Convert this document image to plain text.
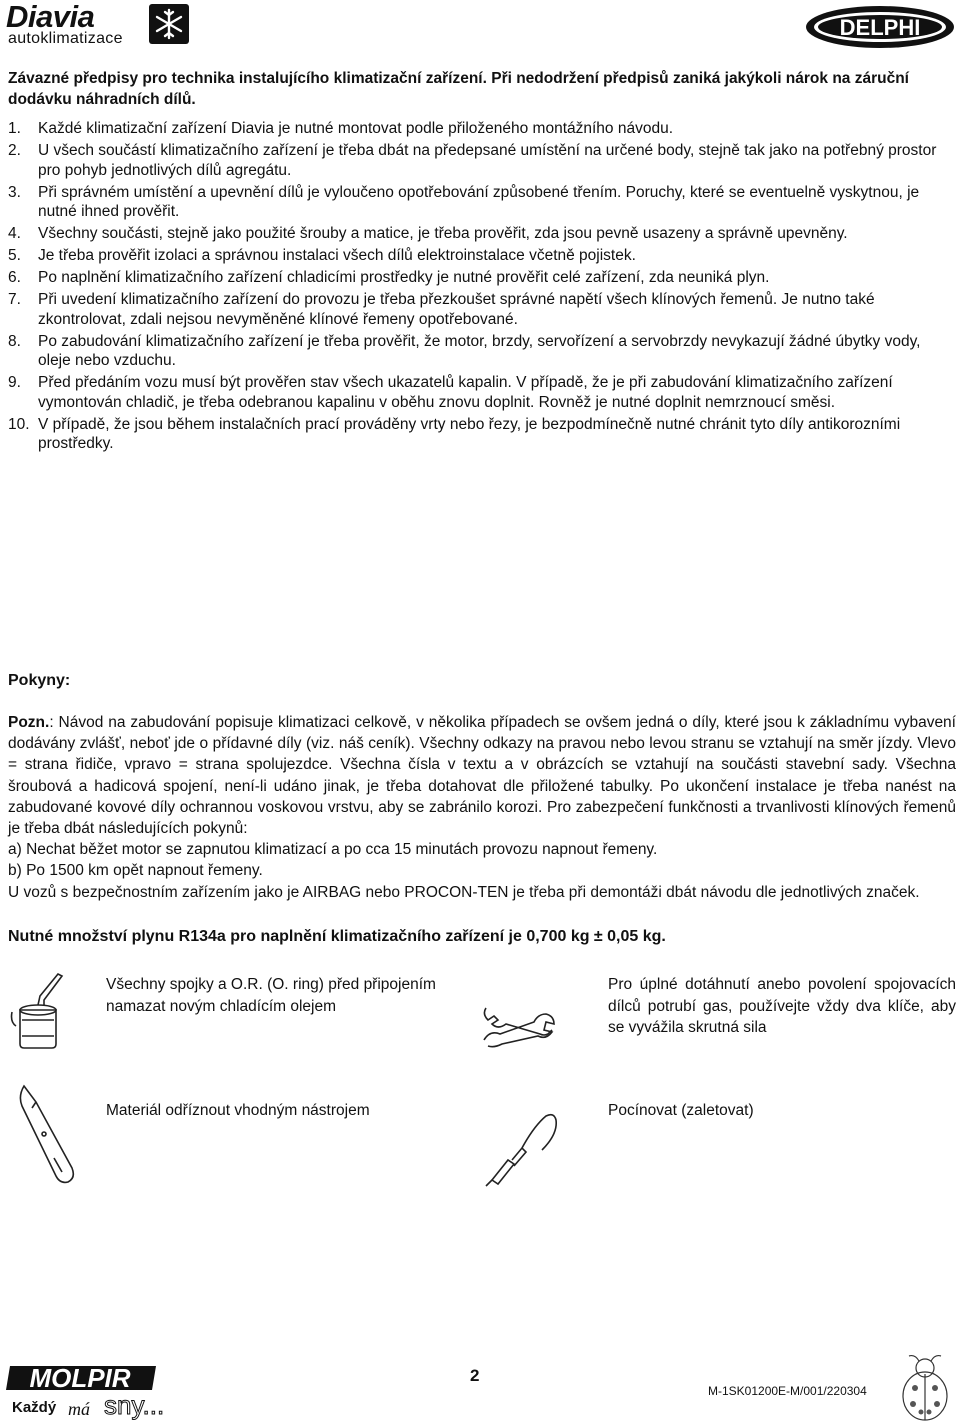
Diavia
autoklimatizace	DELPHI
Závazné předpisy pro technika instalujícího klimatizační zařízení. Při nedodržení předpisů zaniká jakýkoli nárok na záruční dodávku náhradních dílů.
1.	Každé klimatizační zařízení Diavia je nutné montovat podle přiloženého montážního návodu.
2.	U všech součástí klimatizačního zařízení je třeba dbát na předepsané umístění na určené body, stejně tak jako na potřebný prostor pro pohyb jednotlivých dílů agregátu.
3.	Při správném umístění a upevnění dílů je vyloučeno opotřebování způsobené třením. Poruchy, které se eventuelně vyskytnou, je nutné ihned prověřit.
4.	Všechny součásti, stejně jako použité šrouby a matice, je třeba prověřit, zda jsou pevně usazeny a správně upevněny.
5.	Je třeba prověřit izolaci a správnou instalaci všech dílů elektroinstalace včetně pojistek.
6.	Po naplnění klimatizačního zařízení chladicími prostředky je nutné prověřit celé zařízení, zda neuniká plyn.
7.	Při uvedení klimatizačního zařízení do provozu je třeba přezkoušet správné napětí všech klínových řemenů. Je nutno také zkontrolovat, zdali nejsou nevyměněné klínové řemeny opotřebované.
8.	Po zabudování klimatizačního zařízení je třeba prověřit, že motor, brzdy, servořízení a servobrzdy nevykazují žádné úbytky vody, oleje nebo vzduchu.
9.	Před předáním vozu musí být prověřen stav všech ukazatelů kapalin. V případě, že je při zabudování klimatizačního zařízení vymontován chladič, je třeba odebranou kapalinu v oběhu znovu doplnit. Rovněž je nutné doplnit nemrznoucí směsi.
10. V případě, že jsou během instalačních prací prováděny vrty nebo řezy, je bezpodmínečně nutné chránit tyto díly antikorozními prostředky.
Pokyny:

Pozn.: Návod na zabudování popisuje klimatizaci celkově, v několika případech se ovšem jedná o díly, které jsou k základnímu vybavení dodávány zvlášť, neboť jde o přídavné díly (viz. náš ceník). Všechny odkazy na pravou nebo levou stranu se vztahují na směr jízdy. Vlevo = strana řidiče, vpravo = strana spolujezdce. Všechna čísla v textu a v obrázcích se vztahují na součásti stavební sady. Všechna šroubová a hadicová spojení, není-li udáno jinak, je třeba dotahovat dle přiložené tabulky. Po ukončení instalace je třeba nanést na zabudované kovové díly ochrannou voskovou vrstvu, aby se zabránilo korozi. Pro zabezpečení funkčnosti a trvanlivosti klínových řemenů je třeba dbát následujících pokynů:

a) Nechat běžet motor se zapnutou klimatizací a po cca 15 minutách provozu napnout řemeny.

b) Po 1500 km opět napnout řemeny.

U vozů s bezpečnostním zařízením jako je AIRBAG nebo PROCON-TEN je třeba při demontáži dbát návodu dle jednotlivých značek.

Nutné množství plynu R134a pro naplnění klimatizačního zařízení je 0,700 kg ± 0,05 kg.
Všechny spojky a O.R. (O. ring) před připojením namazat novým chladícím olejem
Pro úplné dotáhnutí anebo povolení spojovacích dílců potrubí gas, používejte vždy dva klíče, aby se vyvážila skrutná sila
Materiál odříznout vhodným nástrojem	Pocínovat (zaletovat)
MOLPIR
Každý má sny...
2
M-1SK01200E-M/001/220304
